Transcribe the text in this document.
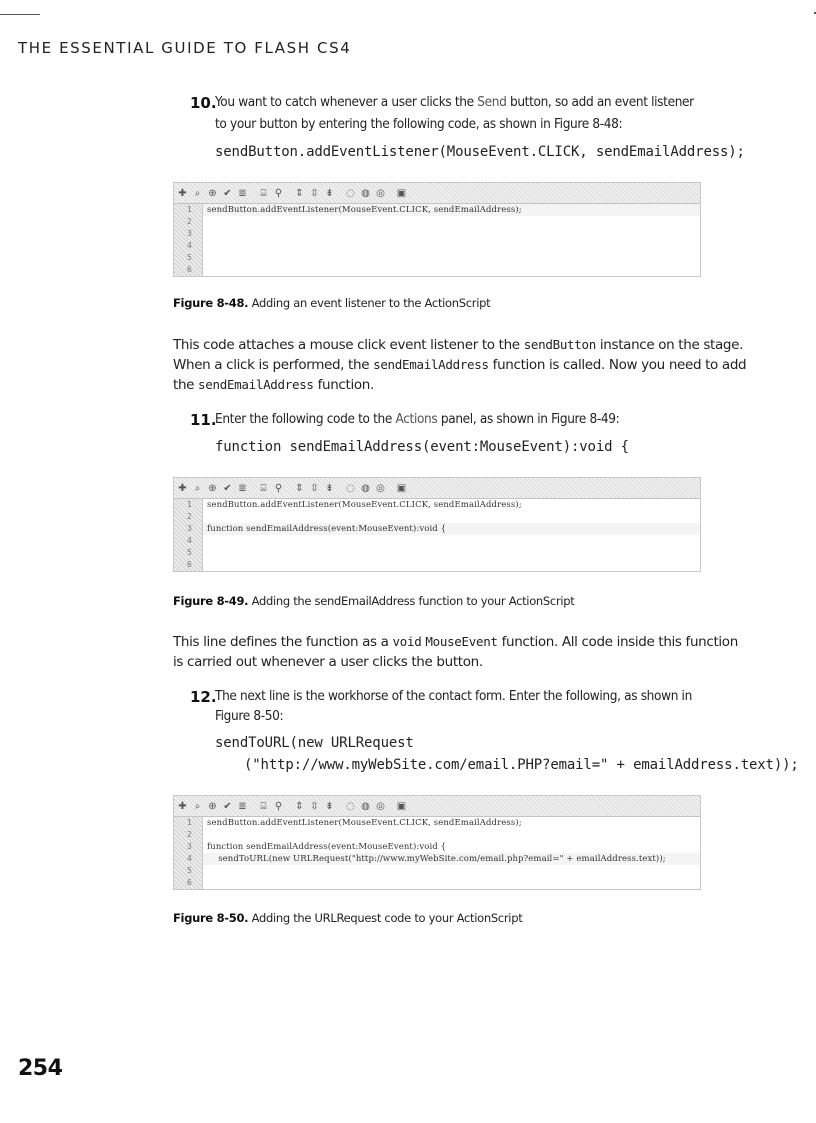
THE ESSENTIAL GUIDE TO FLASH CS4
10.
You want to catch whenever a user clicks the Send button, so add an event listener
to your button by entering the following code, as shown in Figure 8-48:
sendButton.addEventListener(MouseEvent.CLICK, sendEmailAddress);
✚ ⌕ ⊕ ✔ ≣	⌸ ⚲ ⇕ ⇳ ⇟ ◌ ◍ ◎ ▣
1
2
3
4
5
6
sendButton.addEventListener(MouseEvent.CLICK, sendEmailAddress);
Figure 8-48. Adding an event listener to the ActionScript
This code attaches a mouse click event listener to the sendButton instance on the stage.
When a click is performed, the sendEmailAddress function is called. Now you need to add
the sendEmailAddress function.
11.
Enter the following code to the Actions panel, as shown in Figure 8-49:
function sendEmailAddress(event:MouseEvent):void {
✚ ⌕ ⊕ ✔ ≣	⌸ ⚲ ⇕ ⇳ ⇟ ◌ ◍ ◎ ▣
1
2
3
4
5
6
sendButton.addEventListener(MouseEvent.CLICK, sendEmailAddress);
function sendEmailAddress(event:MouseEvent):void {
Figure 8-49. Adding the sendEmailAddress function to your ActionScript
This line defines the function as a void MouseEvent function. All code inside this function
is carried out whenever a user clicks the button.
12.
The next line is the workhorse of the contact form. Enter the following, as shown in
Figure 8-50:
sendToURL(new URLRequest
("http://www.myWebSite.com/email.PHP?email=" + emailAddress.text));
✚ ⌕ ⊕ ✔ ≣	⌸ ⚲ ⇕ ⇳ ⇟ ◌ ◍ ◎ ▣
1
2
3
4
5
6
sendButton.addEventListener(MouseEvent.CLICK, sendEmailAddress);
function sendEmailAddress(event:MouseEvent):void {
sendToURL(new URLRequest("http://www.myWebSite.com/email.php?email=" + emailAddress.text));
Figure 8-50. Adding the URLRequest code to your ActionScript
254
